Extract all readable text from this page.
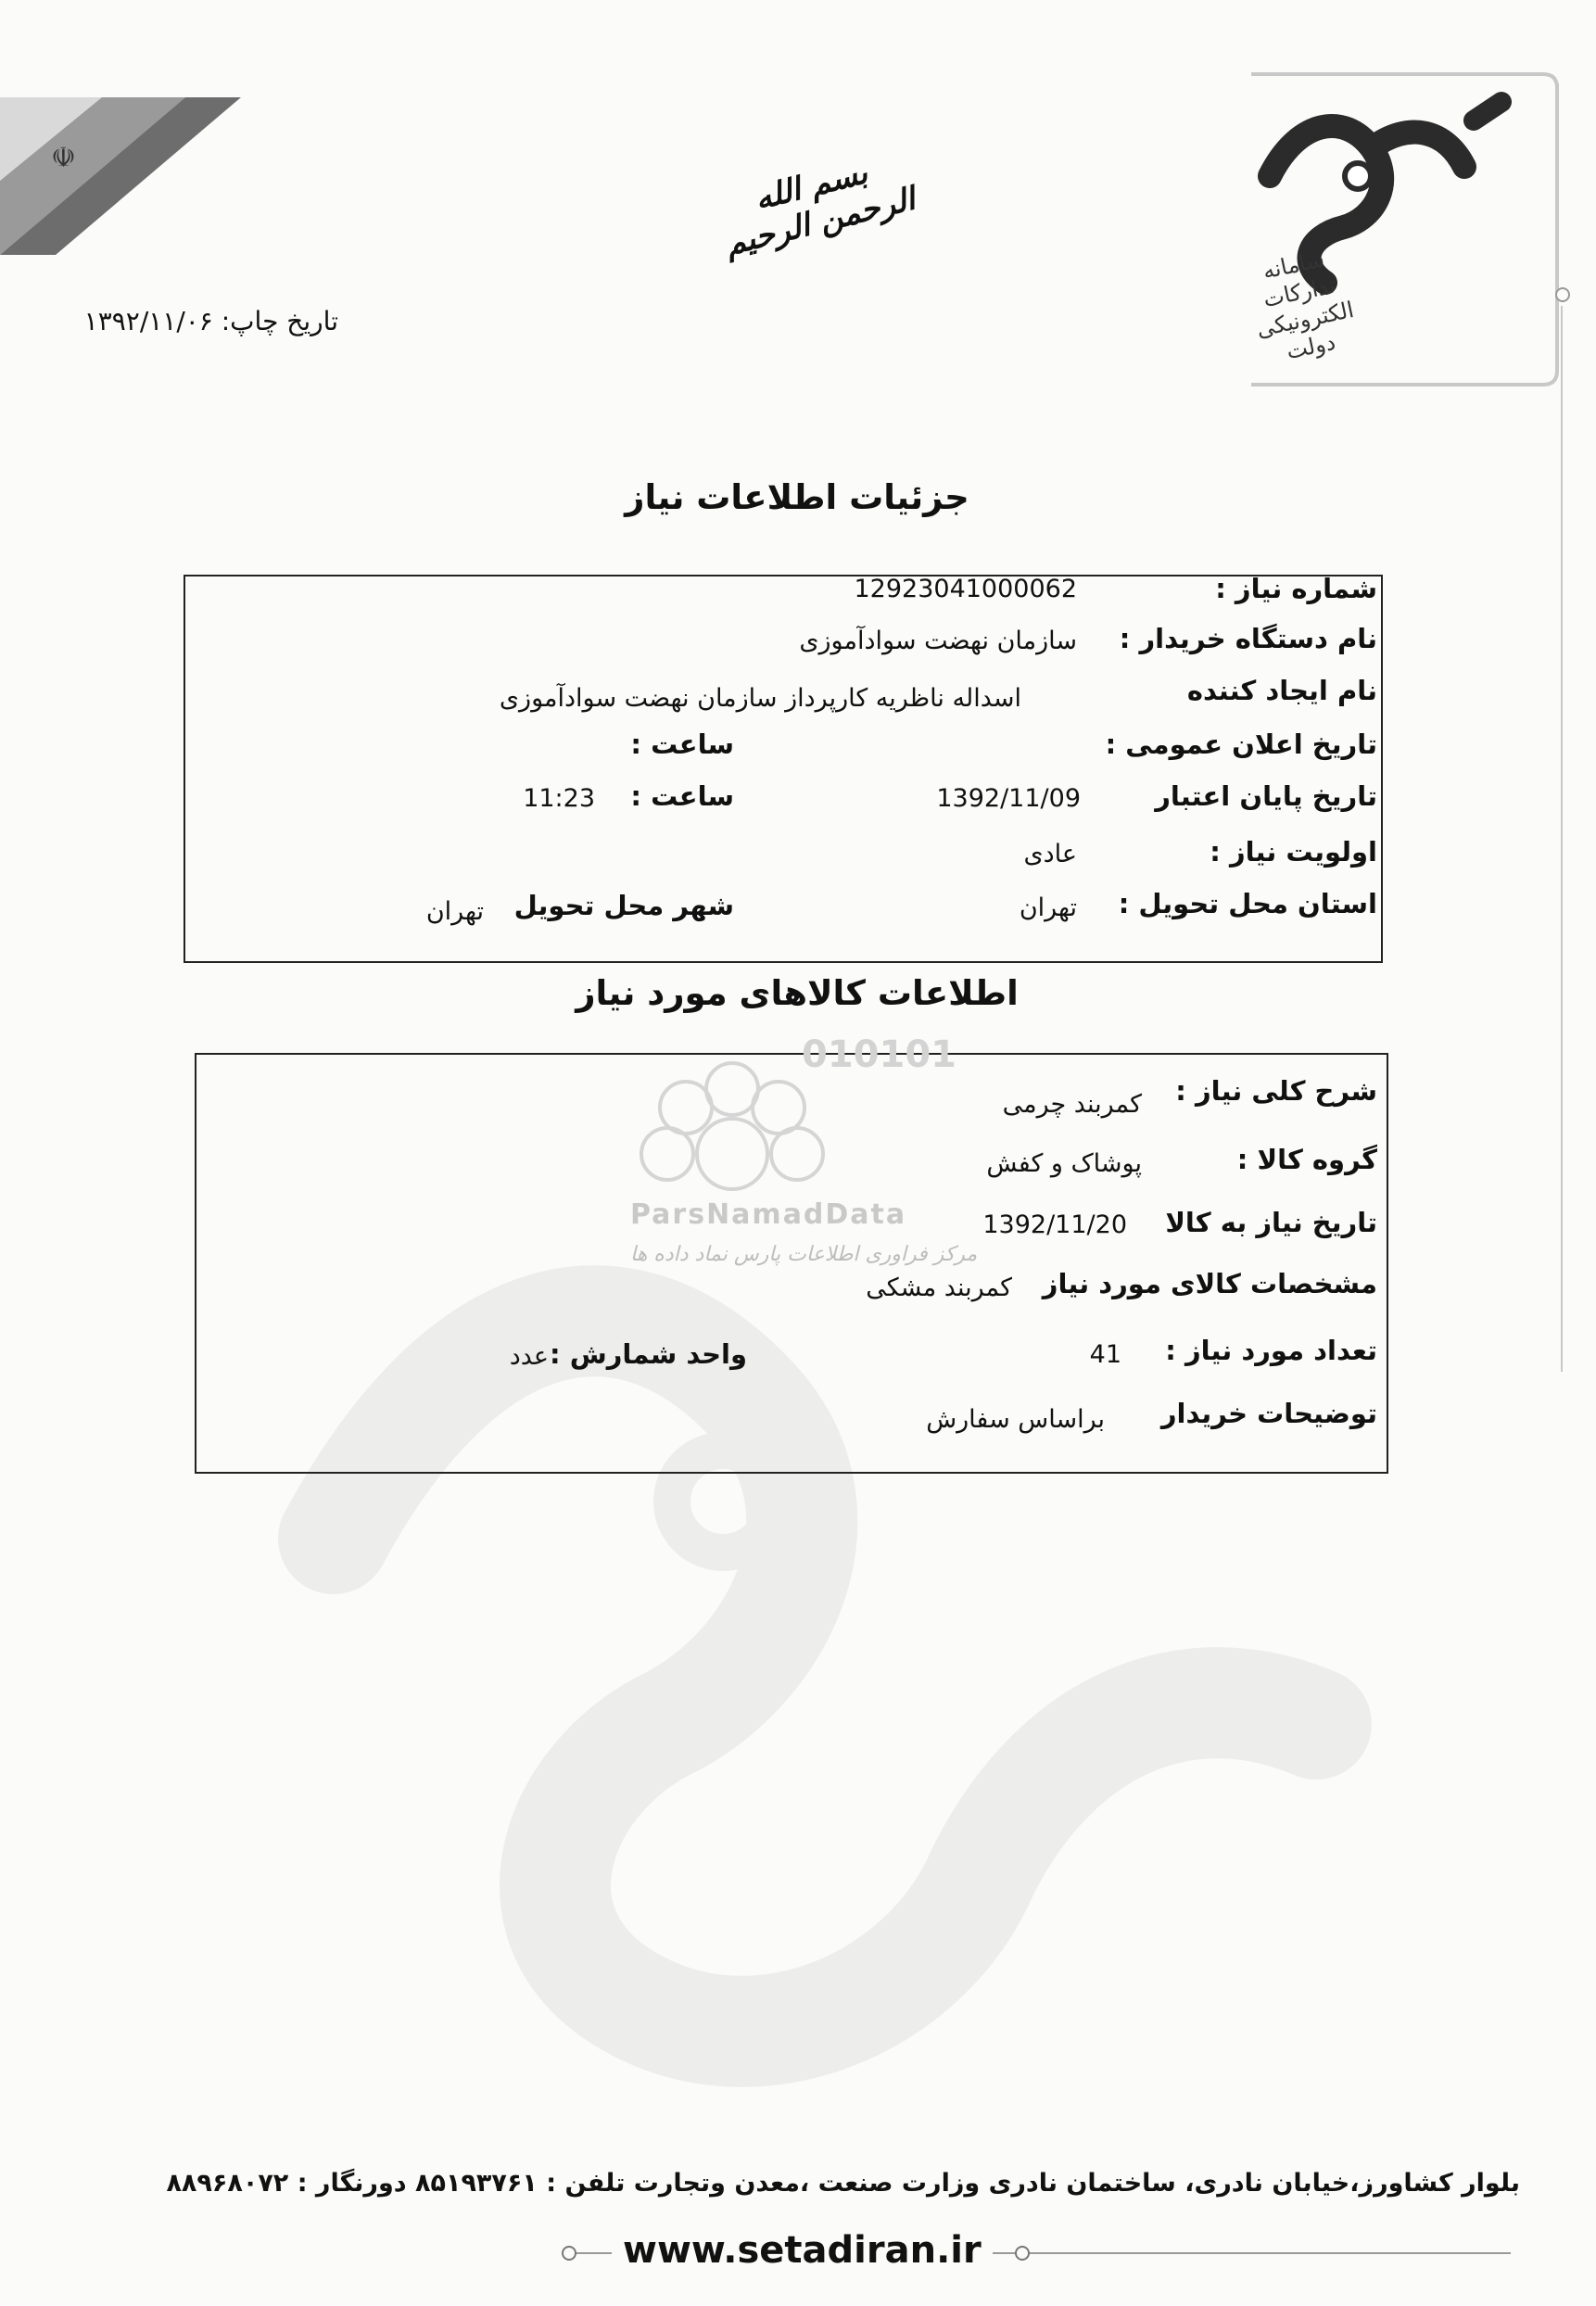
☫	بسم الله الرحمن الرحیم
تاریخ چاپ: ۱۳۹۲/۱۱/۰۶
سامانه تدارکات الکترونیکی دولت
جزئیات اطلاعات نیاز
شماره نیاز :
12923041000062
نام دستگاه خریدار :
سازمان نهضت سوادآموزی
نام ایجاد کننده
اسداله ناظریه کارپرداز سازمان نهضت سوادآموزی
تاریخ اعلان عمومی :
ساعت :
تاریخ پایان اعتبار
1392/11/09
ساعت :
11:23
اولویت نیاز :
عادی
استان محل تحویل :
تهران
شهر محل تحویل
تهران
اطلاعات کالاهای مورد نیاز
010101
ParsNamadData
مرکز فراوری اطلاعات پارس نماد داده ها
شرح کلی نیاز :
کمربند چرمی
گروه کالا :
پوشاک و کفش
تاریخ نیاز به کالا
1392/11/20
مشخصات کالای مورد نیاز
کمربند مشکی
تعداد مورد نیاز :
41
واحد شمارش :
عدد
توضیحات خریدار
براساس سفارش
بلوار کشاورز،خیابان نادری، ساختمان نادری وزارت صنعت ،معدن وتجارت تلفن : ۸۵۱۹۳۷۶۱ دورنگار : ۸۸۹۶۸۰۷۲
www.setadiran.ir
